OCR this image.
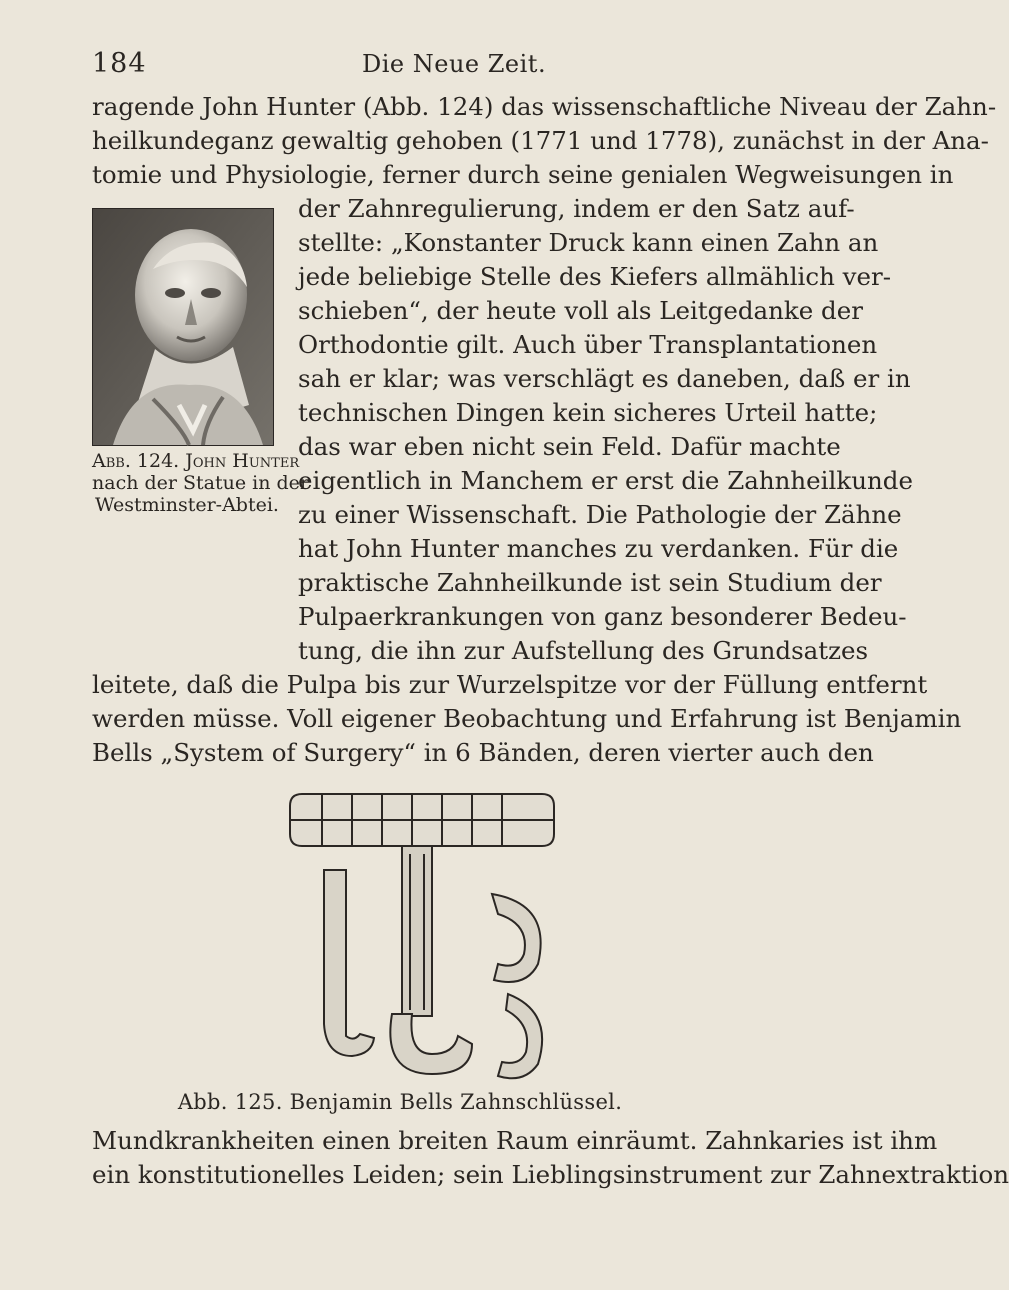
184	Die Neue Zeit.
ragende John Hunter (Abb. 124) das wissenschaftliche Niveau der Zahn-
heilkundeganz gewaltig gehoben (1771 und 1778), zunächst in der Ana-
tomie und Physiologie, ferner durch seine genialen Wegweisungen in
der Zahnregulierung, indem er den Satz auf-
stellte: „Konstanter Druck kann einen Zahn an
jede beliebige Stelle des Kiefers allmählich ver-
schieben“, der heute voll als Leitgedanke der
Orthodontie gilt. Auch über Transplantationen
sah er klar; was verschlägt es daneben, daß er in
technischen Dingen kein sicheres Urteil hatte;
das war eben nicht sein Feld. Dafür machte
eigentlich in Manchem er erst die Zahnheilkunde
zu einer Wissenschaft. Die Pathologie der Zähne
hat John Hunter manches zu verdanken. Für die
praktische Zahnheilkunde ist sein Studium der
Pulpaerkrankungen von ganz besonderer Bedeu-
tung, die ihn zur Aufstellung des Grundsatzes
Abb. 124. John Hunter
nach der Statue in der
Westminster-Abtei.
leitete, daß die Pulpa bis zur Wurzelspitze vor der Füllung entfernt
werden müsse. Voll eigener Beobachtung und Erfahrung ist Benjamin
Bells „System of Surgery“ in 6 Bänden, deren vierter auch den
Abb. 125. Benjamin Bells Zahnschlüssel.
Mundkrankheiten einen breiten Raum einräumt. Zahnkaries ist ihm
ein konstitutionelles Leiden; sein Lieblingsinstrument zur Zahnextraktion
